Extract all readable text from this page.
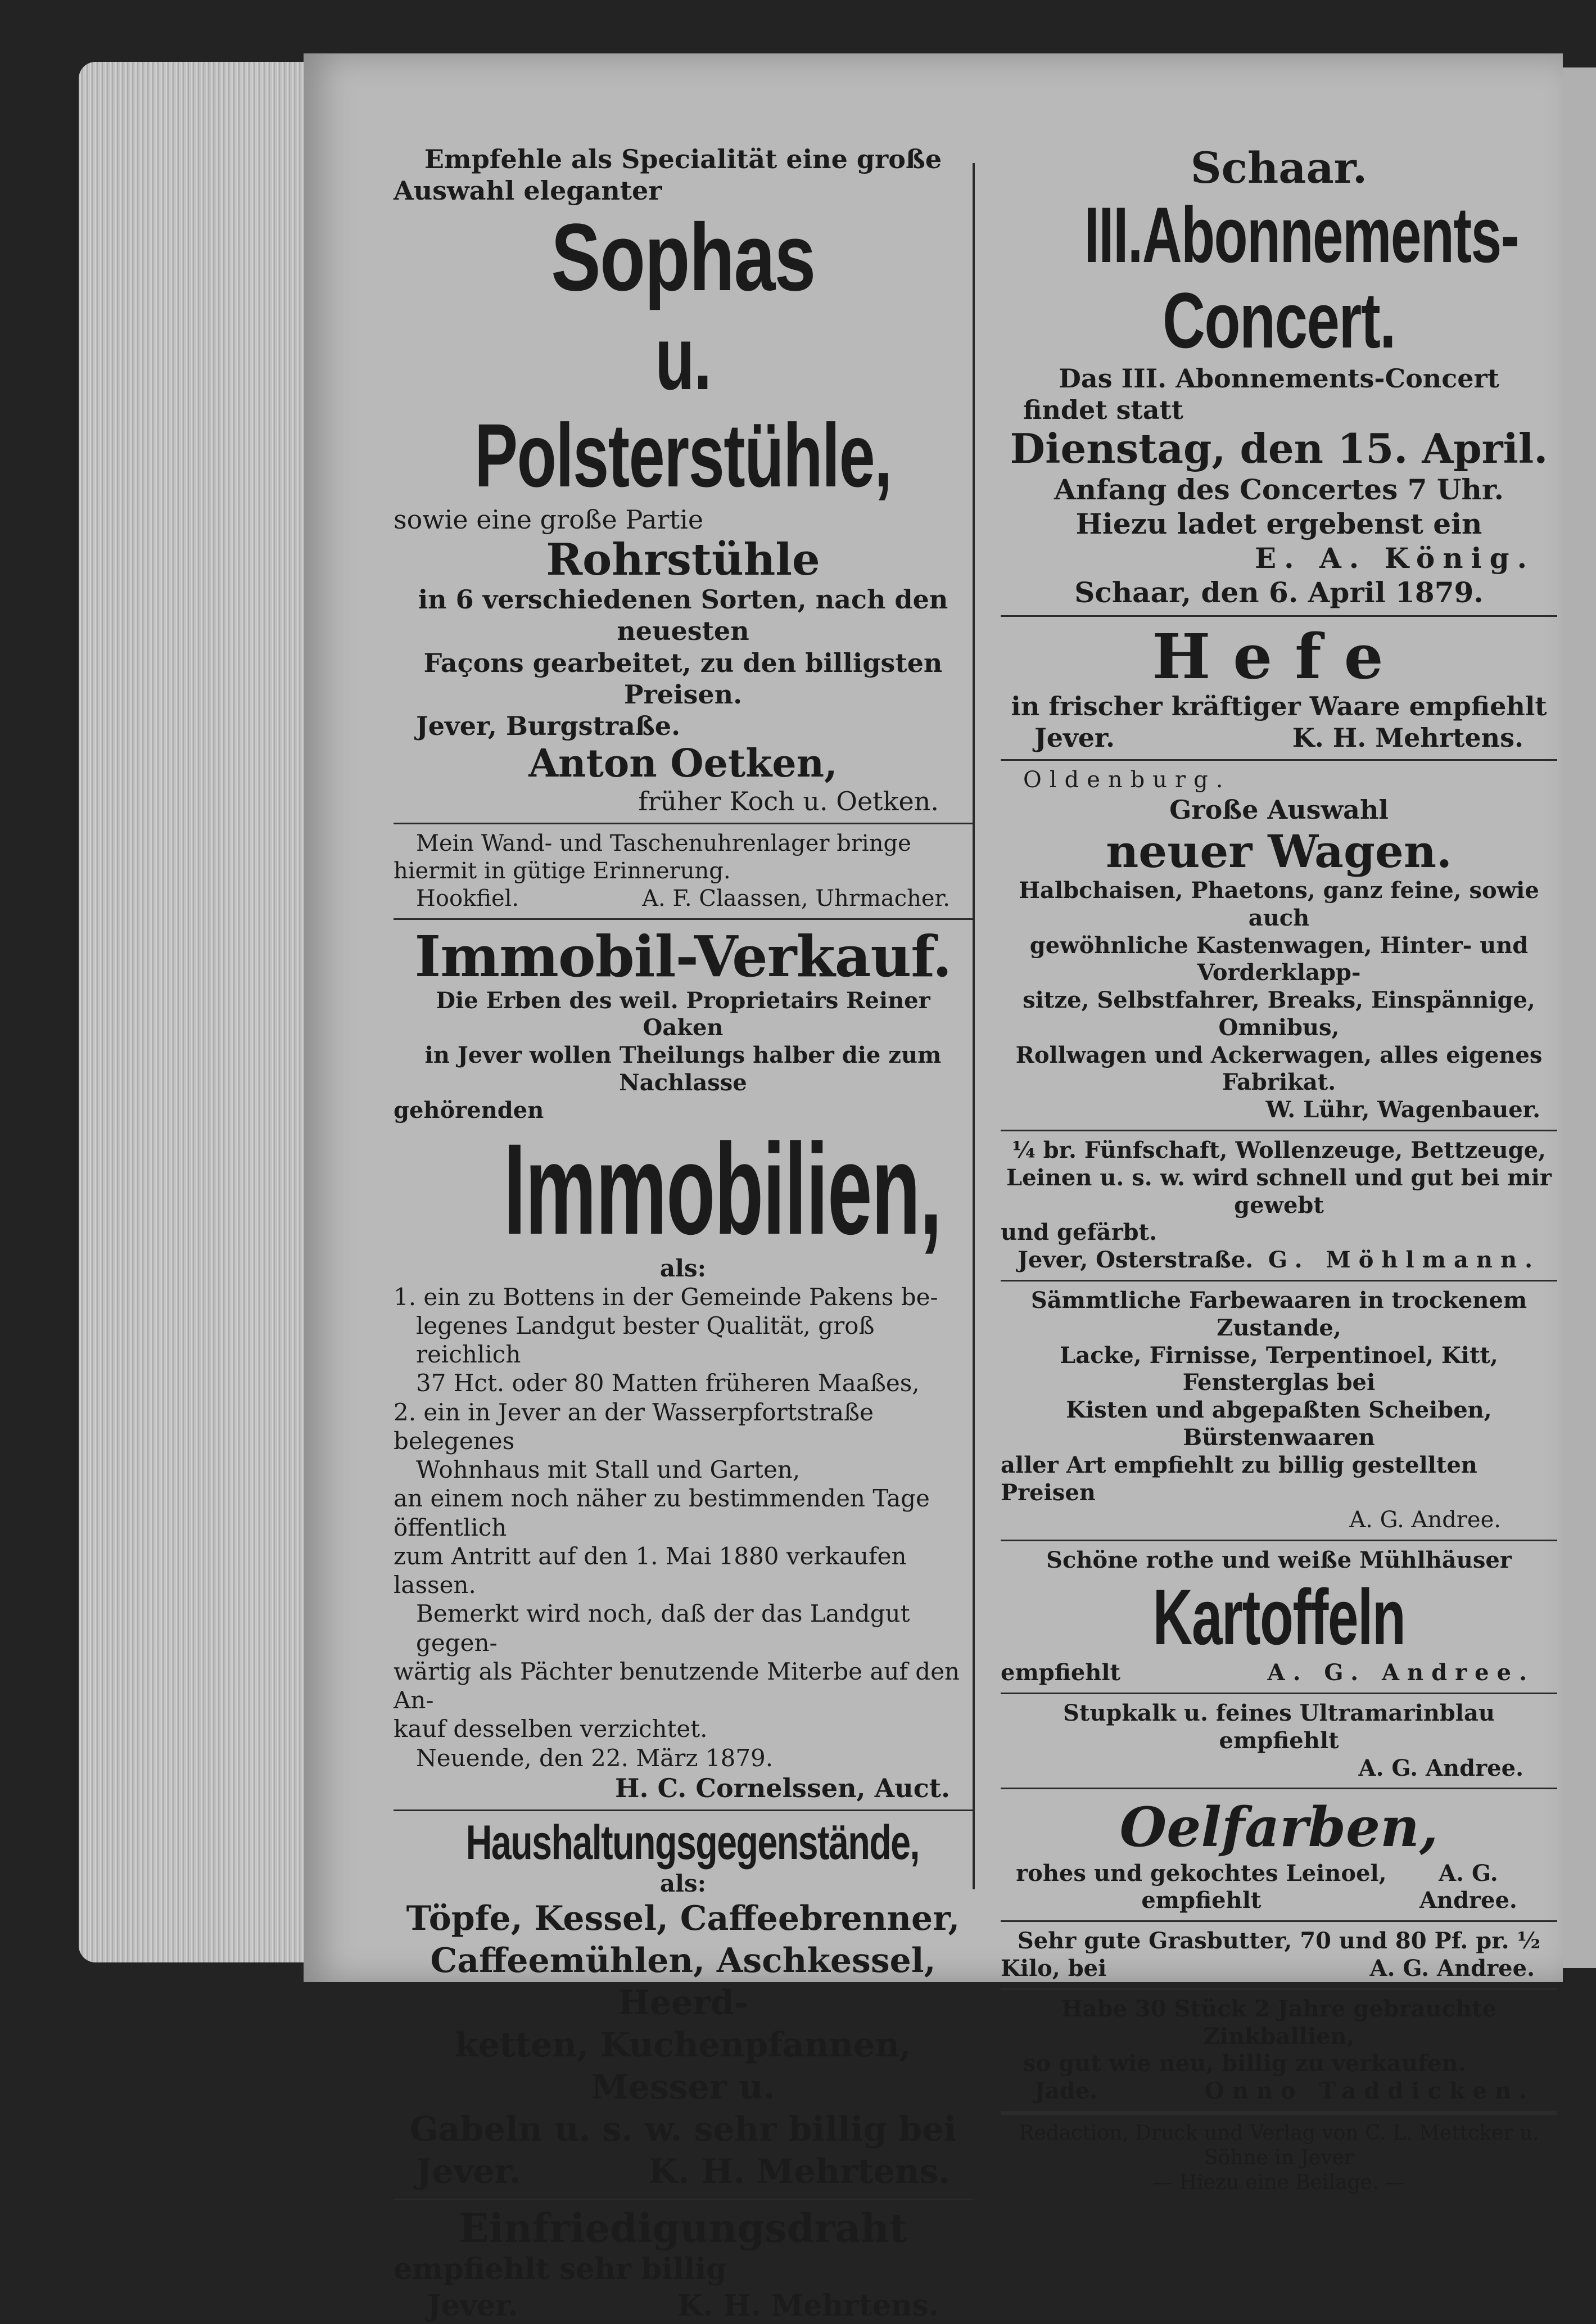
Empfehle als Specialität eine große
Auswahl eleganter
Sophas
u. Polsterstühle,
sowie eine große Partie
Rohrstühle
in 6 verschiedenen Sorten, nach den neuesten
Façons gearbeitet, zu den billigsten Preisen.
Jever, Burgstraße.
Anton Oetken,
früher Koch u. Oetken.
Mein Wand- und Taschenuhrenlager bringe
hiermit in gütige Erinnerung.
Hookfiel.	A. F. Claassen, Uhrmacher.
Immobil-Verkauf.
Die Erben des weil. Proprietairs Reiner Oaken
in Jever wollen Theilungs halber die zum Nachlasse
gehörenden
Immobilien,
als:
1. ein zu Bottens in der Gemeinde Pakens be-
legenes Landgut bester Qualität, groß reichlich
37 Hct. oder 80 Matten früheren Maaßes,
2. ein in Jever an der Wasserpfortstraße belegenes
Wohnhaus mit Stall und Garten,
an einem noch näher zu bestimmenden Tage öffentlich
zum Antritt auf den 1. Mai 1880 verkaufen lassen.
Bemerkt wird noch, daß der das Landgut gegen-
wärtig als Pächter benutzende Miterbe auf den An-
kauf desselben verzichtet.
Neuende, den 22. März 1879.
H. C. Cornelssen, Auct.
Haushaltungsgegenstände,
als:
Töpfe, Kessel, Caffeebrenner,
Caffeemühlen, Aschkessel, Heerd-
ketten, Kuchenpfannen, Messer u.
Gabeln u. s. w. sehr billig bei
Jever.	K. H. Mehrtens.
Einfriedigungsdraht
empfiehlt sehr billig
Jever.	K. H. Mehrtens.
Schaar.
III.Abonnements-
Concert.
Das III. Abonnements-Concert
findet statt
Dienstag, den 15. April.
Anfang des Concertes 7 Uhr.
Hiezu ladet ergebenst ein
E. A. König.
Schaar, den 6. April 1879.
Hefe
in frischer kräftiger Waare empfiehlt
Jever.	K. H. Mehrtens.
Oldenburg.
Große Auswahl
neuer Wagen.
Halbchaisen, Phaetons, ganz feine, sowie auch
gewöhnliche Kastenwagen, Hinter- und Vorderklapp-
sitze, Selbstfahrer, Breaks, Einspännige, Omnibus,
Rollwagen und Ackerwagen, alles eigenes Fabrikat.
W. Lühr, Wagenbauer.
¼ br. Fünfschaft, Wollenzeuge, Bettzeuge,
Leinen u. s. w. wird schnell und gut bei mir gewebt
und gefärbt.
Jever, Osterstraße. G. Möhlmann.
Sämmtliche Farbewaaren in trockenem Zustande,
Lacke, Firnisse, Terpentinoel, Kitt, Fensterglas bei
Kisten und abgepaßten Scheiben, Bürstenwaaren
aller Art empfiehlt zu billig gestellten Preisen
A. G. Andree.
Schöne rothe und weiße Mühlhäuser
Kartoffeln
empfiehlt	A. G. Andree.
Stupkalk u. feines Ultramarinblau empfiehlt
A. G. Andree.
Oelfarben,
rohes und gekochtes Leinoel, empfiehlt
A. G. Andree.
Sehr gute Grasbutter, 70 und 80 Pf. pr. ½
Kilo, bei	A. G. Andree.
Habe 30 Stück 2 Jahre gebrauchte Zinkballien,
so gut wie neu, billig zu verkaufen.
Jade.	Onno Taddicken.
Redaction, Druck und Verlag von C. L. Mettcker u. Söhne in Jever
— Hiezu eine Beilage. —
